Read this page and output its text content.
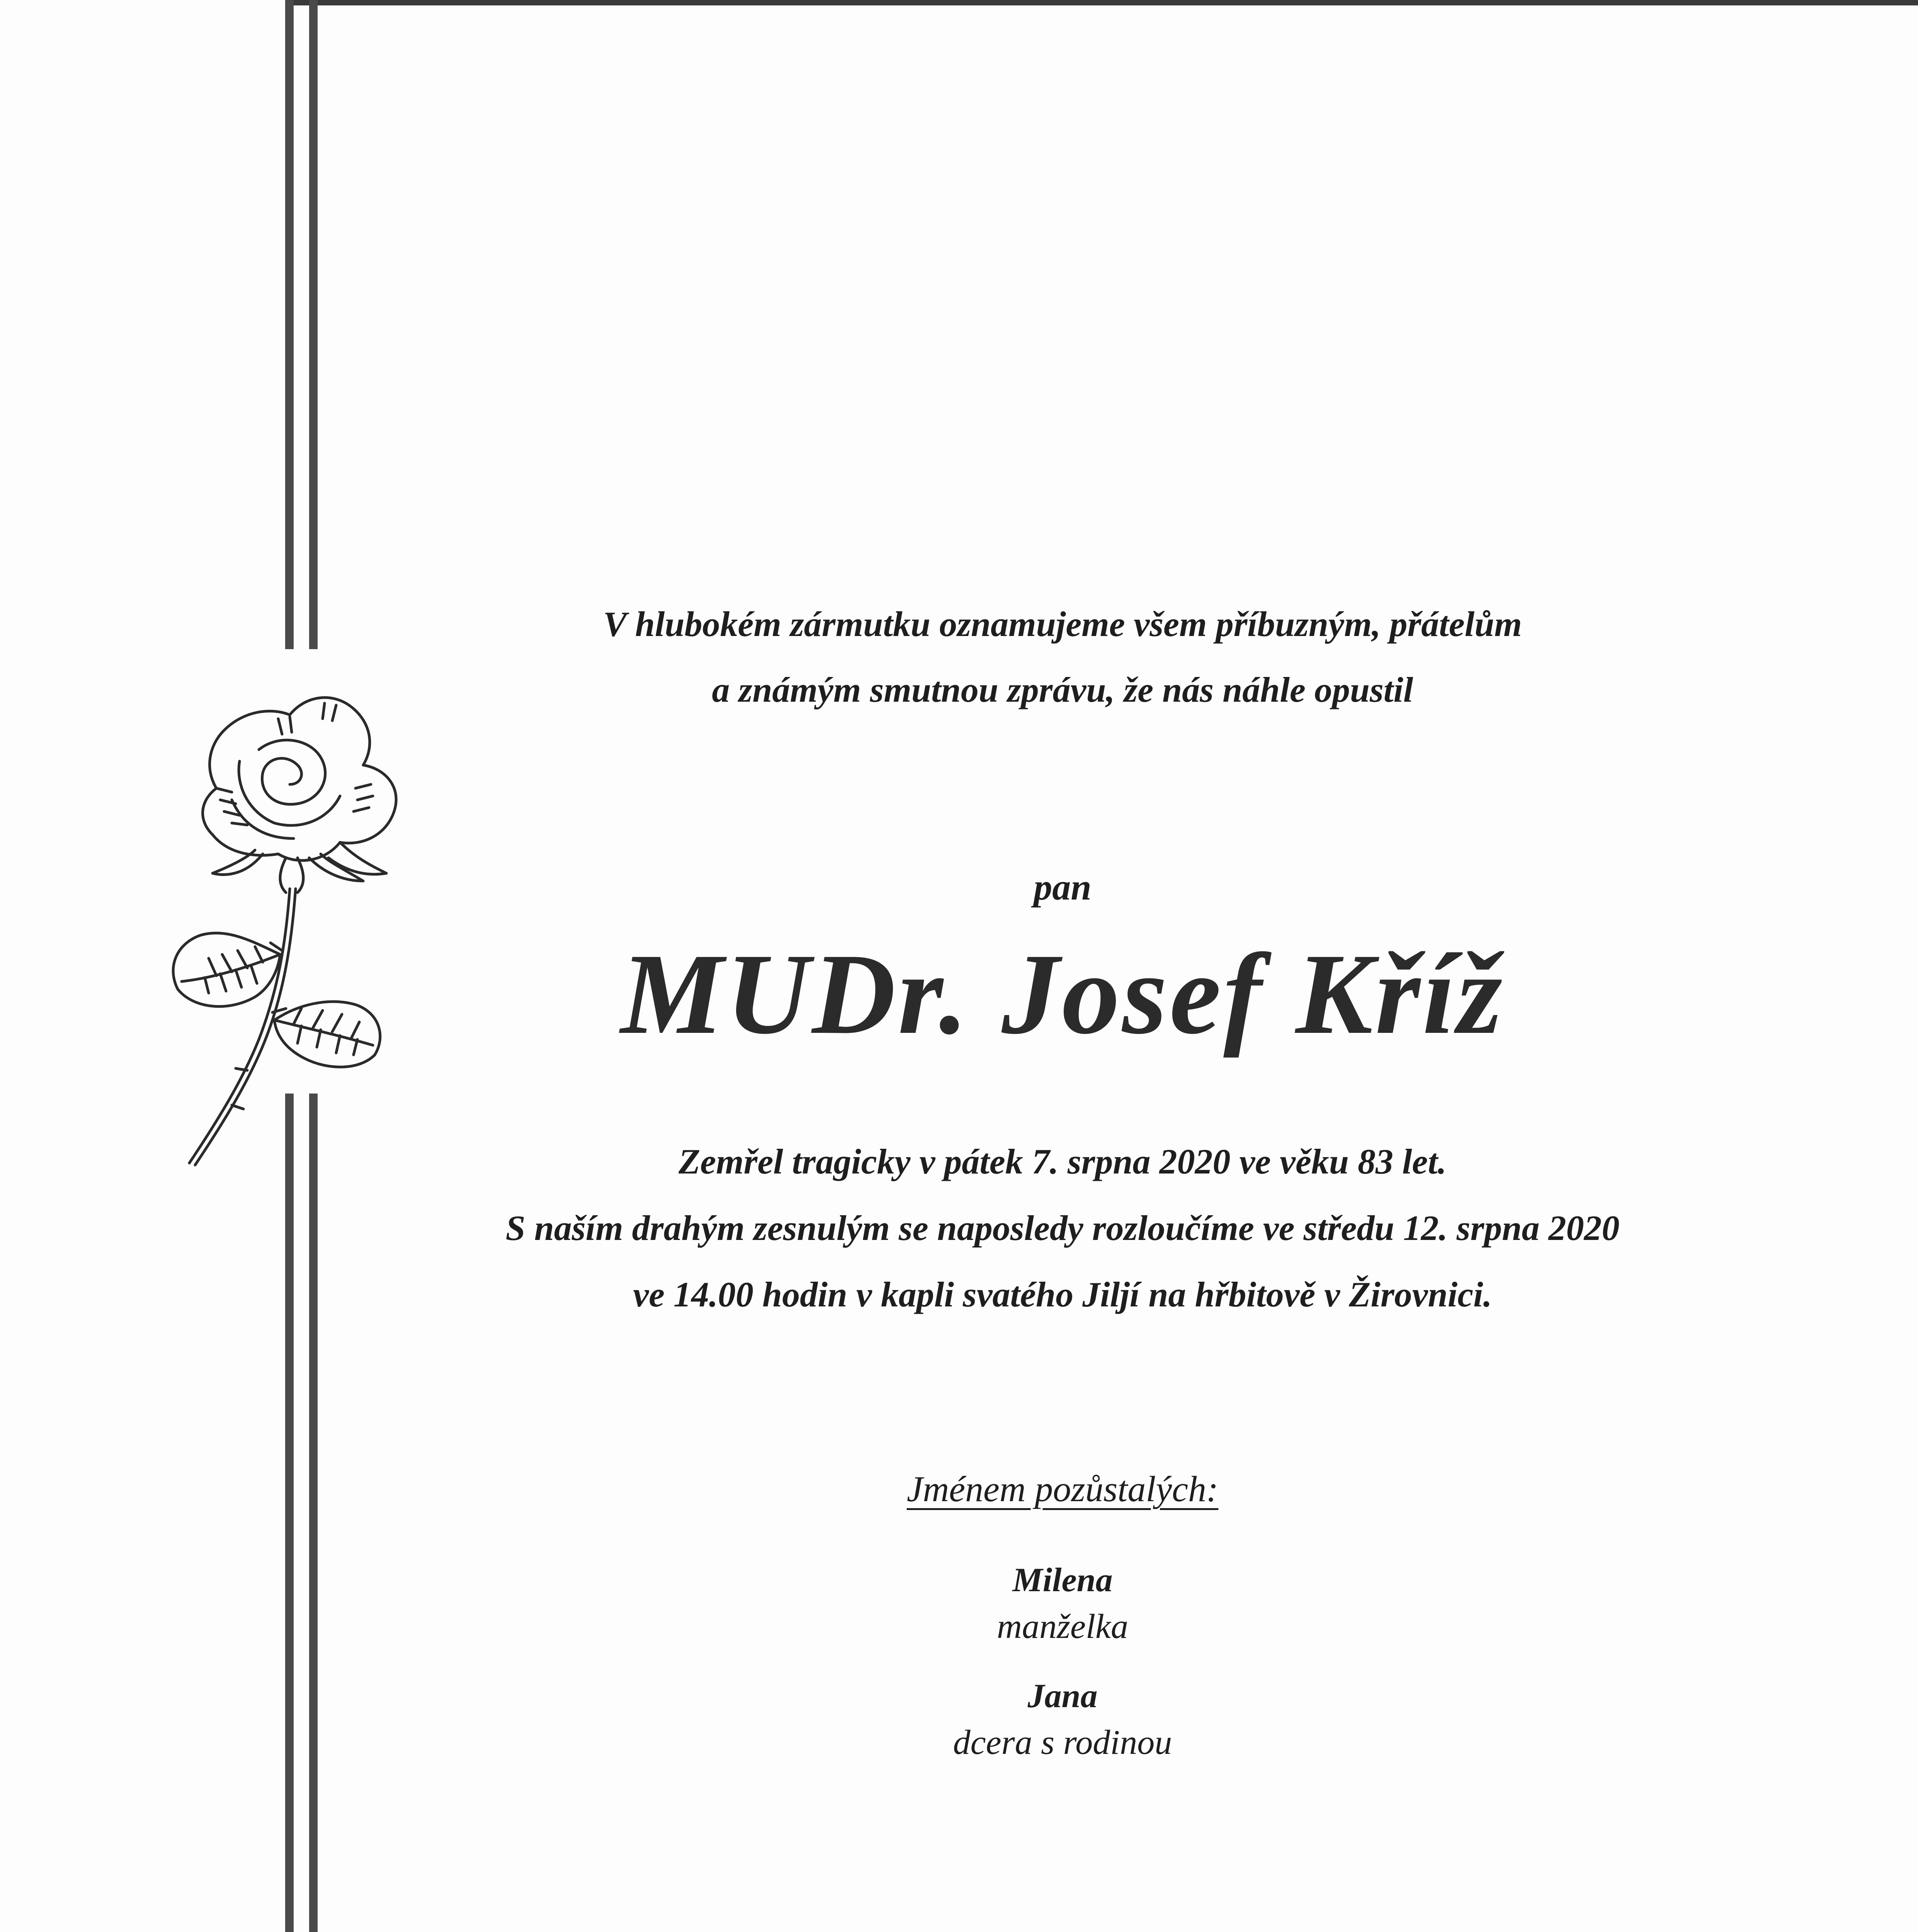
V hlubokém zármutku oznamujeme všem příbuzným, přátelům
a známým smutnou zprávu, že nás náhle opustil
pan
MUDr. Josef Kříž
Zemřel tragicky v pátek 7. srpna 2020 ve věku 83 let.
S naším drahým zesnulým se naposledy rozloučíme ve středu 12. srpna 2020
ve 14.00 hodin v kapli svatého Jiljí na hřbitově v Žirovnici.
Jménem pozůstalých:
Milena
manželka
Jana
dcera s rodinou
